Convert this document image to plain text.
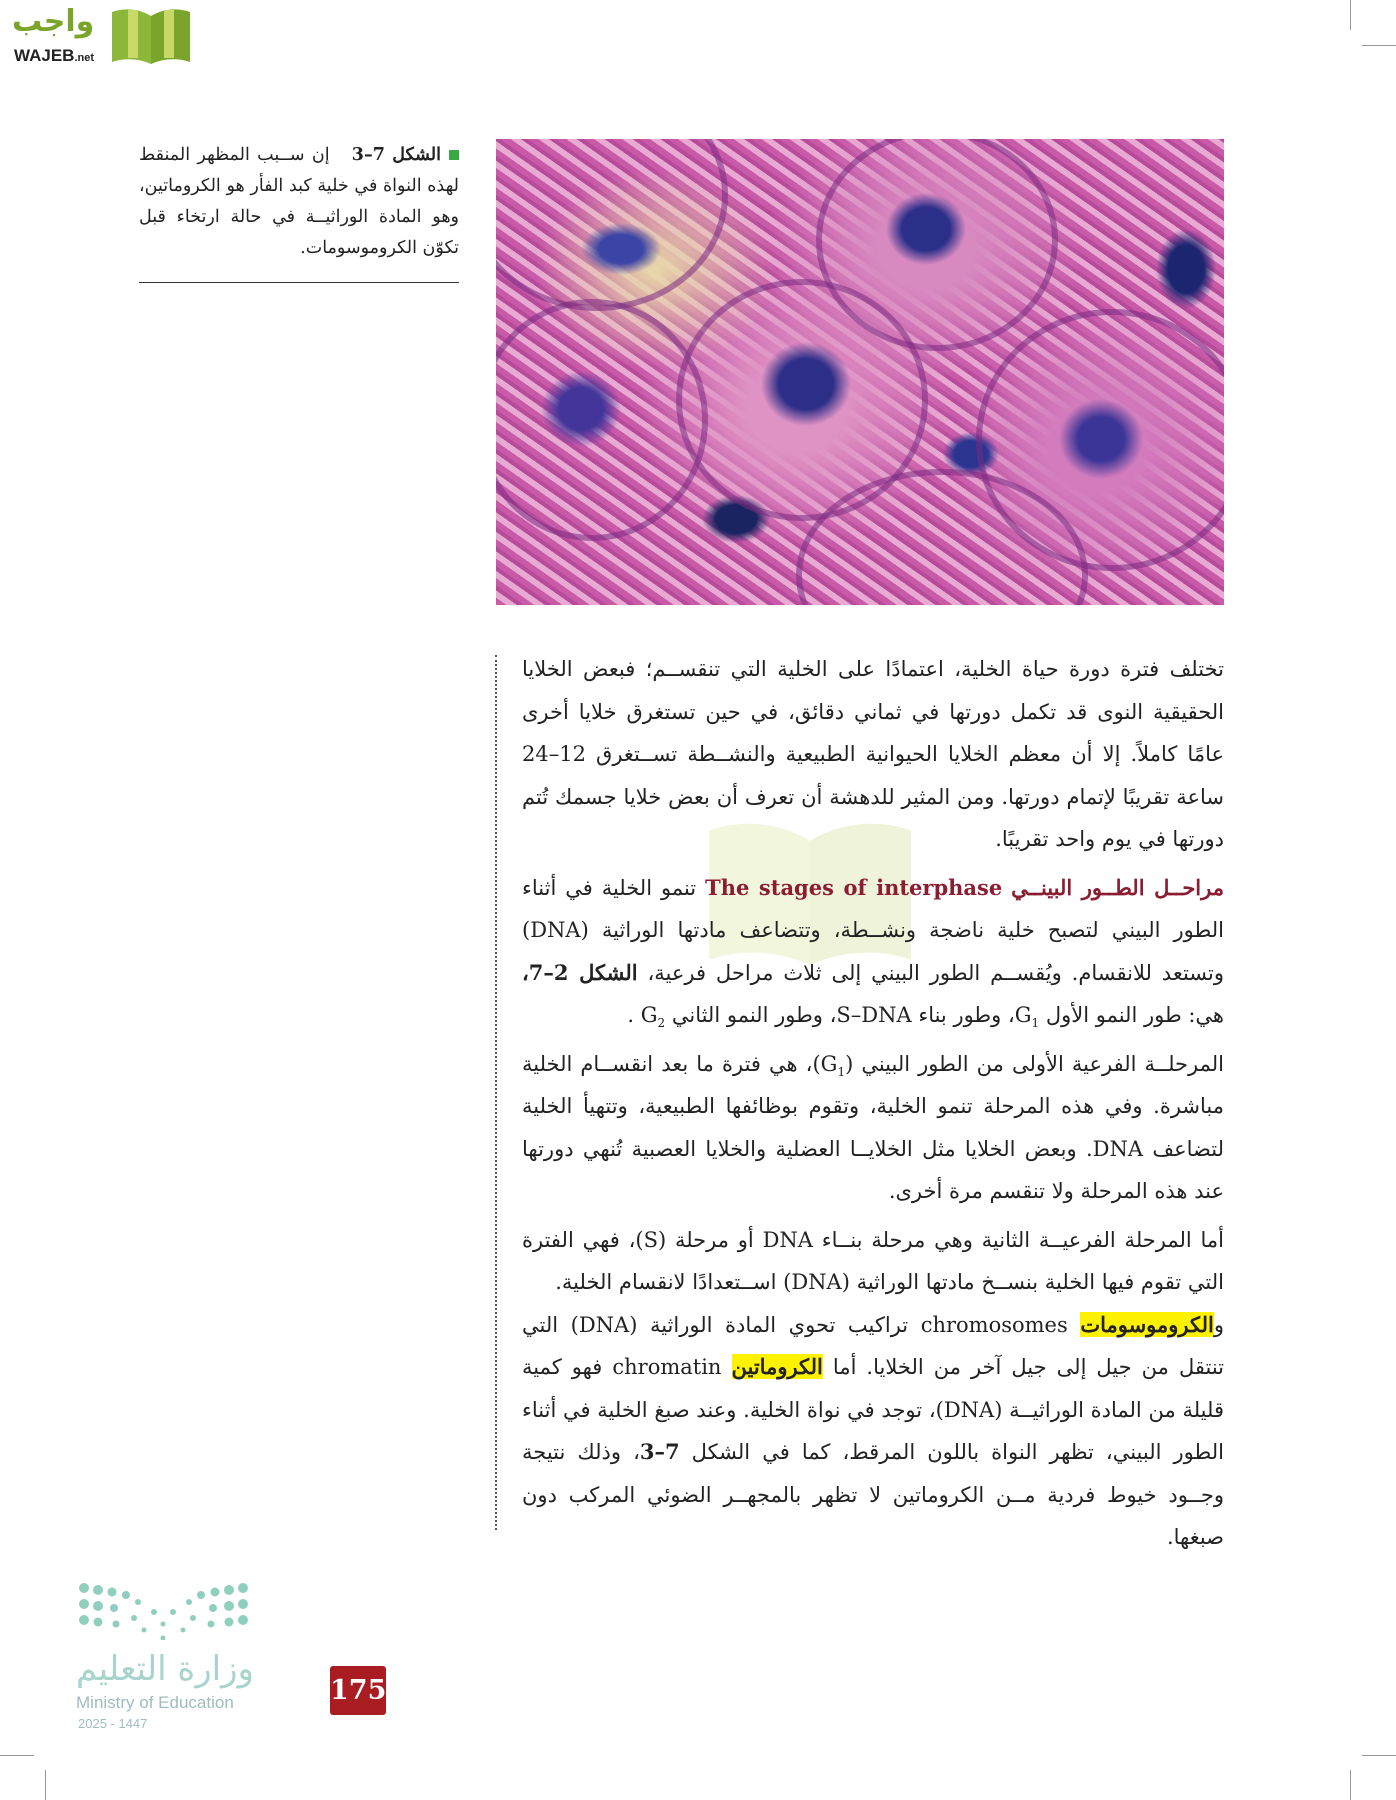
واجب
WAJEB.net
الشكل 3–7   إن ســبب المظهر المنقط لهذه النواة في خلية كبد الفأر هو الكروماتين، وهو المادة الوراثيــة في حالة ارتخاء قبل تكوّن الكروموسومات.

تختلف فترة دورة حياة الخلية، اعتمادًا على الخلية التي تنقســم؛ فبعض الخلايا الحقيقية النوى قد تكمل دورتها في ثماني دقائق، في حين تستغرق خلايا أخرى عامًا كاملاً. إلا أن معظم الخلايا الحيوانية الطبيعية والنشــطة تســتغرق 12–24 ساعة تقريبًا لإتمام دورتها. ومن المثير للدهشة أن تعرف أن بعض خلايا جسمك تُتم دورتها في يوم واحد تقريبًا.

مراحــل الطــور البينــي The stages of interphase تنمو الخلية في أثناء الطور البيني لتصبح خلية ناضجة ونشــطة، وتتضاعف مادتها الوراثية (DNA) وتستعد للانقسام. ويُقســم الطور البيني إلى ثلاث مراحل فرعية، الشكل 2–7، هي: طور النمو الأول $G_1،$ وطور بناء S–DNA، وطور النمو الثاني $G_2$ .

المرحلــة الفرعية الأولى من الطور البيني $(G_1)،$ هي فترة ما بعد انقســام الخلية مباشرة. وفي هذه المرحلة تنمو الخلية، وتقوم بوظائفها الطبيعية، وتتهيأ الخلية لتضاعف DNA. وبعض الخلايا مثل الخلايــا العضلية والخلايا العصبية تُنهي دورتها عند هذه المرحلة ولا تنقسم مرة أخرى.

أما المرحلة الفرعيــة الثانية وهي مرحلة بنــاء DNA أو مرحلة (S)، فهي الفترة التي تقوم فيها الخلية بنســخ مادتها الوراثية (DNA) اســتعدادًا لانقسام الخلية.

والكروموسومات chromosomes تراكيب تحوي المادة الوراثية (DNA) التي تنتقل من جيل إلى جيل آخر من الخلايا. أما الكروماتين chromatin فهو كمية قليلة من المادة الوراثيــة (DNA)، توجد في نواة الخلية. وعند صبغ الخلية في أثناء الطور البيني، تظهر النواة باللون المرقط، كما في الشكل 3–7، وذلك نتيجة وجــود خيوط فردية مــن الكروماتين لا تظهر بالمجهــر الضوئي المركب دون صبغها.

وزارة التعليم
Ministry of Education
2025 - 1447
175
